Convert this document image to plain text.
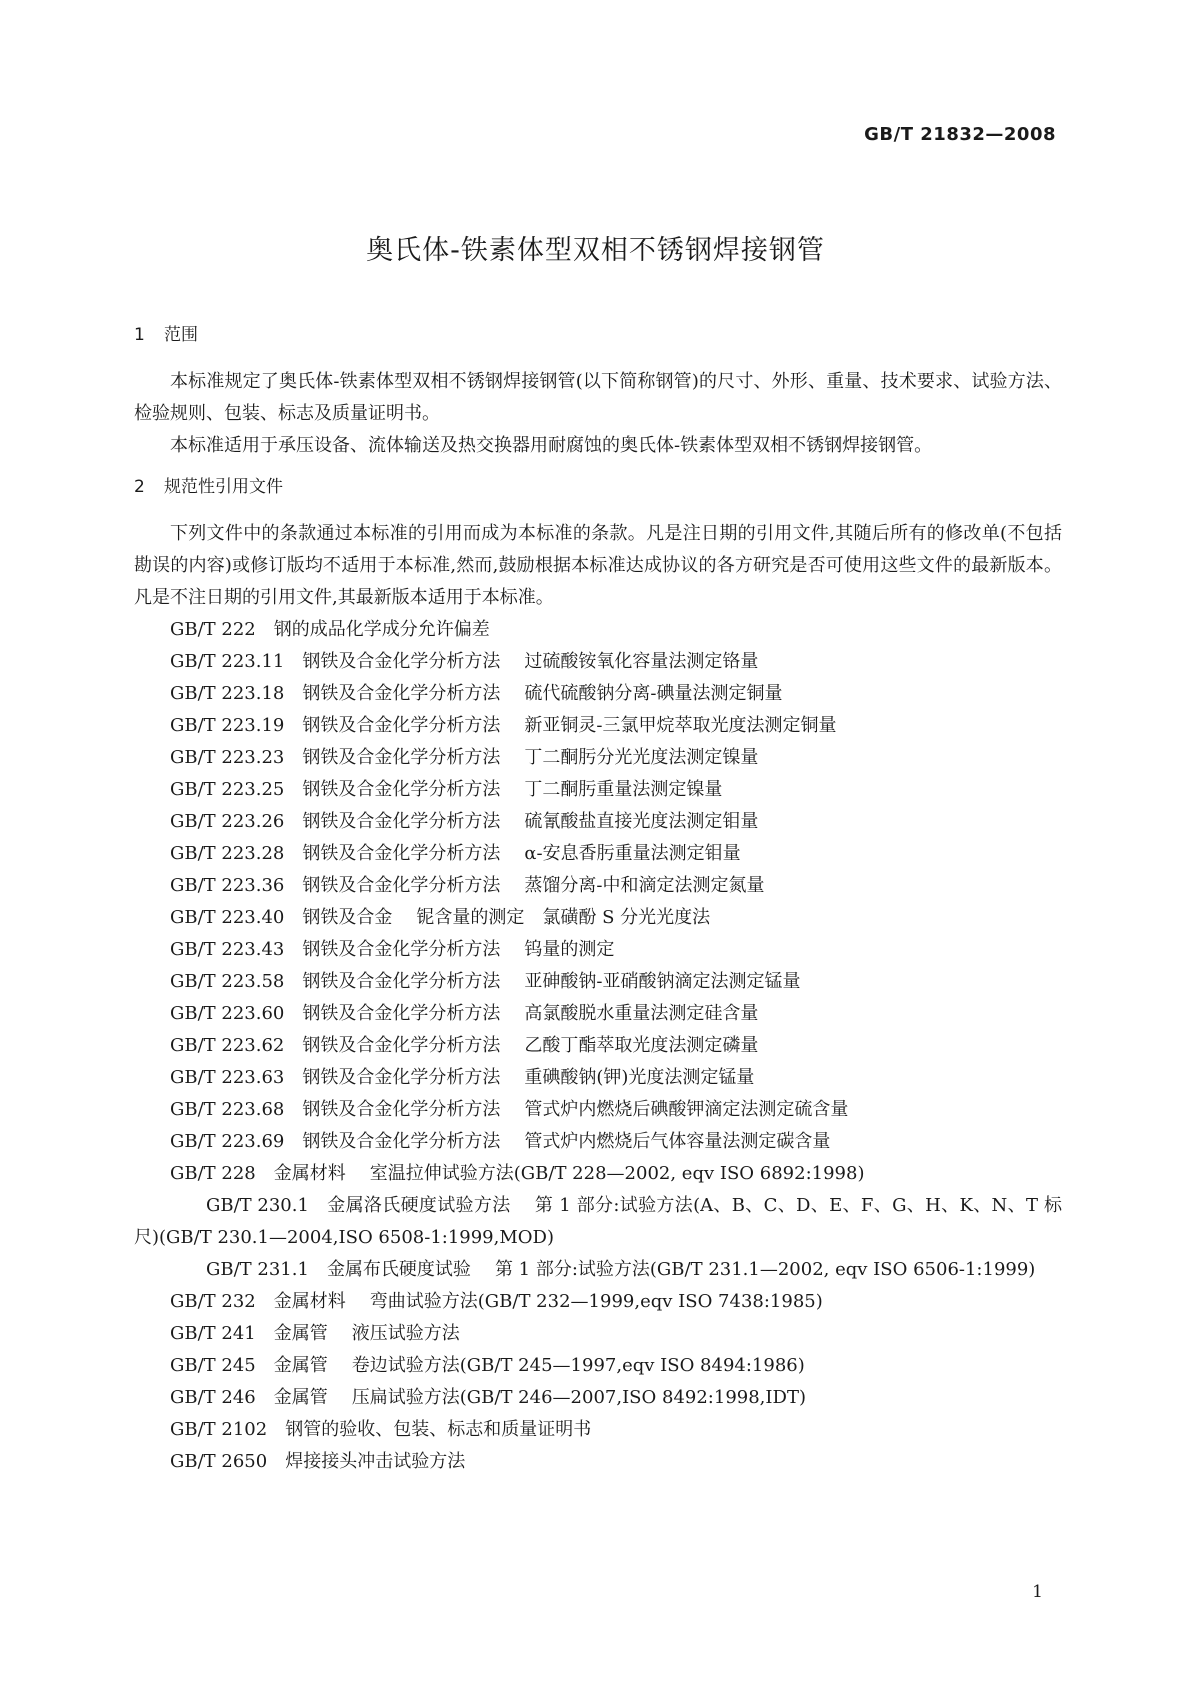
GB/T 21832—2008
奥氏体-铁素体型双相不锈钢焊接钢管
1 范围

本标准规定了奥氏体-铁素体型双相不锈钢焊接钢管(以下简称钢管)的尺寸、外形、重量、技术要求、试验方法、检验规则、包装、标志及质量证明书。

本标准适用于承压设备、流体输送及热交换器用耐腐蚀的奥氏体-铁素体型双相不锈钢焊接钢管。

2 规范性引用文件

下列文件中的条款通过本标准的引用而成为本标准的条款。凡是注日期的引用文件,其随后所有的修改单(不包括勘误的内容)或修订版均不适用于本标准,然而,鼓励根据本标准达成协议的各方研究是否可使用这些文件的最新版本。凡是不注日期的引用文件,其最新版本适用于本标准。

GB/T 222 钢的成品化学成分允许偏差

GB/T 223.11 钢铁及合金化学分析方法 过硫酸铵氧化容量法测定铬量

GB/T 223.18 钢铁及合金化学分析方法 硫代硫酸钠分离-碘量法测定铜量

GB/T 223.19 钢铁及合金化学分析方法 新亚铜灵-三氯甲烷萃取光度法测定铜量

GB/T 223.23 钢铁及合金化学分析方法 丁二酮肟分光光度法测定镍量

GB/T 223.25 钢铁及合金化学分析方法 丁二酮肟重量法测定镍量

GB/T 223.26 钢铁及合金化学分析方法 硫氰酸盐直接光度法测定钼量

GB/T 223.28 钢铁及合金化学分析方法 α-安息香肟重量法测定钼量

GB/T 223.36 钢铁及合金化学分析方法 蒸馏分离-中和滴定法测定氮量

GB/T 223.40 钢铁及合金 铌含量的测定　氯磺酚 S 分光光度法

GB/T 223.43 钢铁及合金化学分析方法 钨量的测定

GB/T 223.58 钢铁及合金化学分析方法 亚砷酸钠-亚硝酸钠滴定法测定锰量

GB/T 223.60 钢铁及合金化学分析方法 高氯酸脱水重量法测定硅含量

GB/T 223.62 钢铁及合金化学分析方法 乙酸丁酯萃取光度法测定磷量

GB/T 223.63 钢铁及合金化学分析方法 重碘酸钠(钾)光度法测定锰量

GB/T 223.68 钢铁及合金化学分析方法 管式炉内燃烧后碘酸钾滴定法测定硫含量

GB/T 223.69 钢铁及合金化学分析方法 管式炉内燃烧后气体容量法测定碳含量

GB/T 228 金属材料 室温拉伸试验方法(GB/T 228—2002, eqv ISO 6892:1998)

GB/T 230.1 金属洛氏硬度试验方法 第 1 部分:试验方法(A、B、C、D、E、F、G、H、K、N、T 标尺)(GB/T 230.1—2004,ISO 6508-1:1999,MOD)

GB/T 231.1 金属布氏硬度试验 第 1 部分:试验方法(GB/T 231.1—2002, eqv ISO 6506-1:1999)

GB/T 232 金属材料 弯曲试验方法(GB/T 232—1999,eqv ISO 7438:1985)

GB/T 241 金属管 液压试验方法

GB/T 245 金属管 卷边试验方法(GB/T 245—1997,eqv ISO 8494:1986)

GB/T 246 金属管 压扁试验方法(GB/T 246—2007,ISO 8492:1998,IDT)

GB/T 2102 钢管的验收、包装、标志和质量证明书

GB/T 2650 焊接接头冲击试验方法

1
